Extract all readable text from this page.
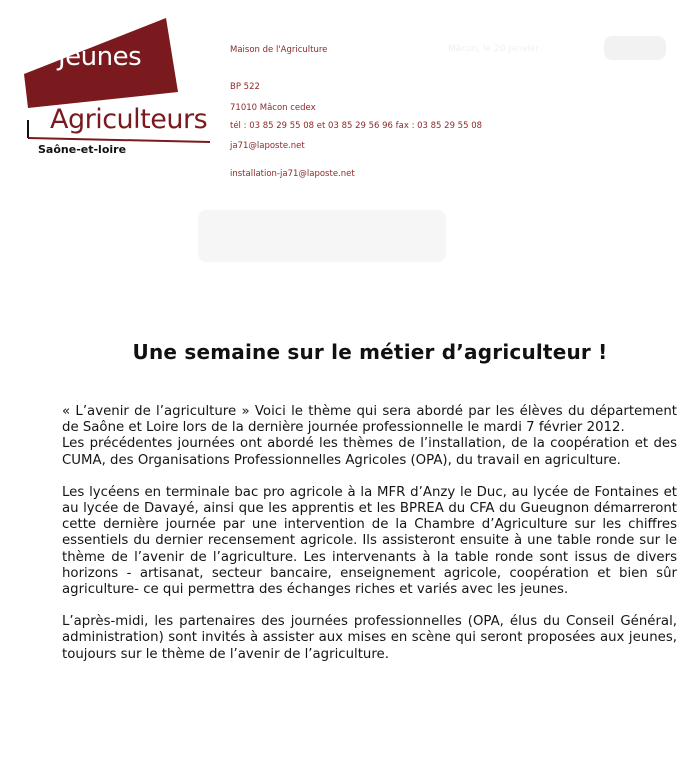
Jeunes
Agriculteurs
Saône-et-loire
Maison de l'Agriculture
BP 522
71010 Mâcon cedex
tél : 03 85 29 55 08 et 03 85 29 56 96 fax : 03 85 29 55 08
ja71@laposte.net
installation-ja71@laposte.net
Mâcon, le 20 janvier
Une semaine sur le métier d’agriculteur !

« L’avenir de l’agriculture » Voici le thème qui sera abordé par les élèves du département de Saône et Loire lors de la dernière journée professionnelle le mardi 7 février 2012.

Les précédentes journées ont abordé les thèmes de l’installation, de la coopération et des CUMA, des Organisations Professionnelles Agricoles (OPA), du travail en agriculture.

Les lycéens en terminale bac pro agricole à la MFR d’Anzy le Duc, au lycée de Fontaines et au lycée de Davayé, ainsi que les apprentis et les BPREA du CFA du Gueugnon démarreront cette dernière journée par une intervention de la Chambre d’Agriculture sur les chiffres essentiels du dernier recensement agricole. Ils assisteront ensuite à une table ronde sur le thème de l’avenir de l’agriculture. Les intervenants à la table ronde sont issus de divers horizons - artisanat, secteur bancaire, enseignement agricole, coopération et bien sûr agriculture- ce qui permettra des échanges riches et variés avec les jeunes.

L’après-midi, les partenaires des journées professionnelles (OPA, élus du Conseil Général, administration) sont invités à assister aux mises en scène qui seront proposées aux jeunes, toujours sur le thème de l’avenir de l’agriculture.
